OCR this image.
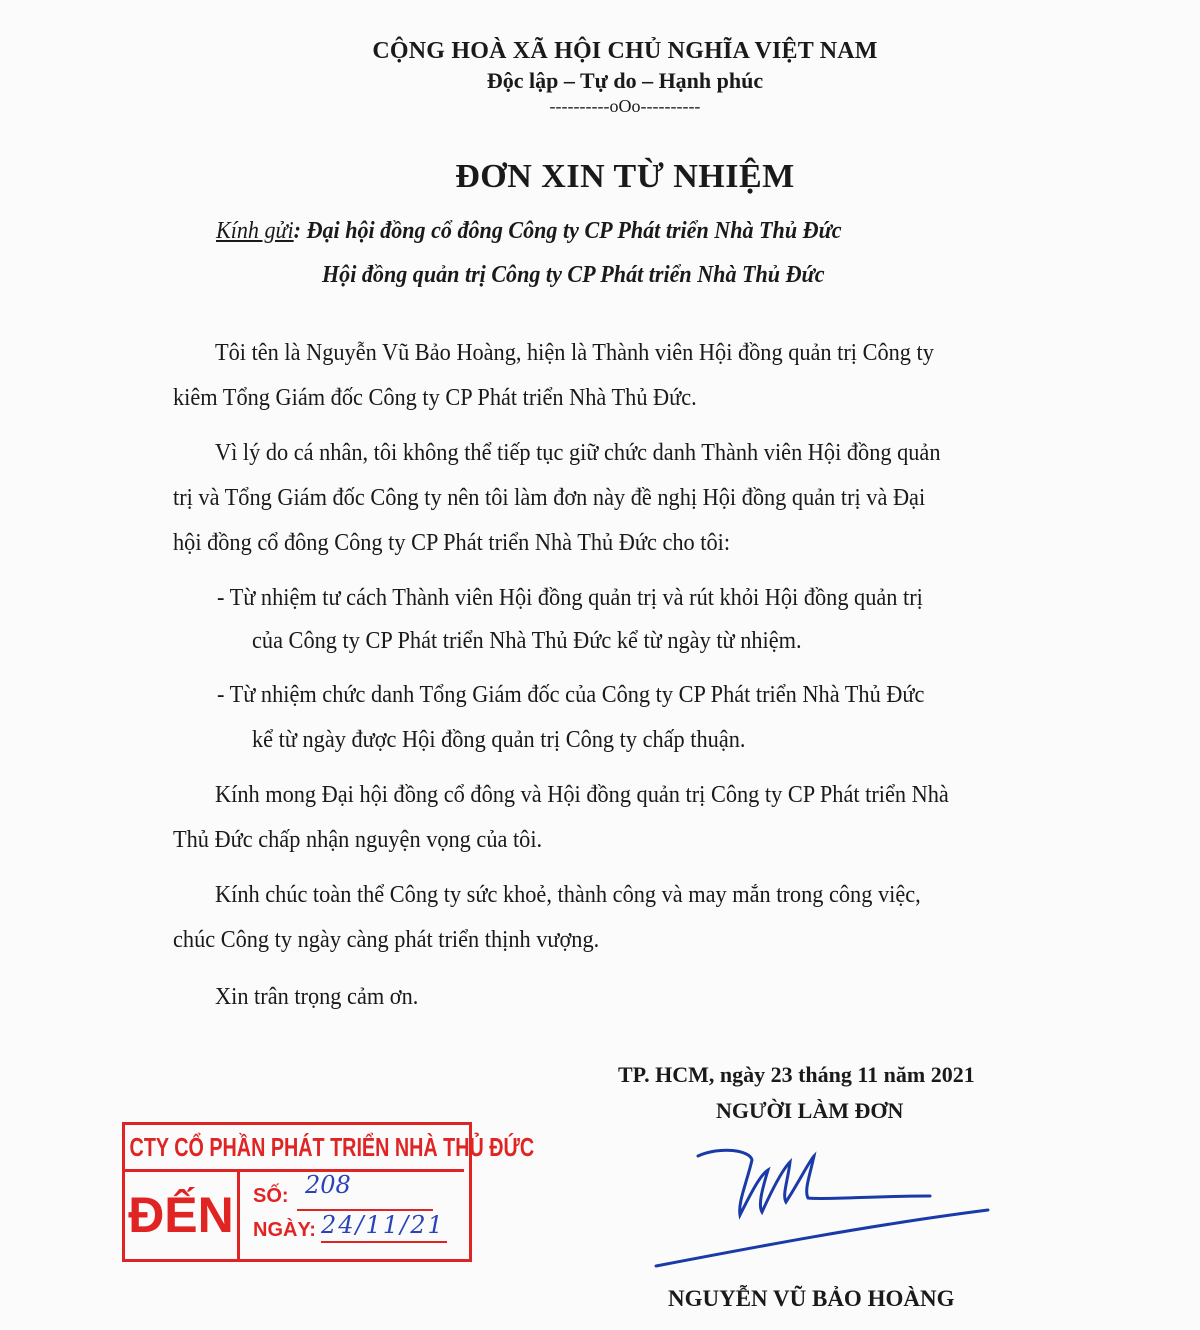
CỘNG HOÀ XÃ HỘI CHỦ NGHĨA VIỆT NAM
Độc lập – Tự do – Hạnh phúc
----------oOo----------
ĐƠN XIN TỪ NHIỆM
Kính gửi: Đại hội đồng cổ đông Công ty CP Phát triển Nhà Thủ Đức
Hội đồng quản trị Công ty CP Phát triển Nhà Thủ Đức
Tôi tên là Nguyễn Vũ Bảo Hoàng, hiện là Thành viên Hội đồng quản trị Công ty
kiêm Tổng Giám đốc Công ty CP Phát triển Nhà Thủ Đức.
Vì lý do cá nhân, tôi không thể tiếp tục giữ chức danh Thành viên Hội đồng quản
trị và Tổng Giám đốc Công ty nên tôi làm đơn này đề nghị Hội đồng quản trị và Đại
hội đồng cổ đông Công ty CP Phát triển Nhà Thủ Đức cho tôi:
- Từ nhiệm tư cách Thành viên Hội đồng quản trị và rút khỏi Hội đồng quản trị
của Công ty CP Phát triển Nhà Thủ Đức kể từ ngày từ nhiệm.
- Từ nhiệm chức danh Tổng Giám đốc của Công ty CP Phát triển Nhà Thủ Đức
kể từ ngày được Hội đồng quản trị Công ty chấp thuận.
Kính mong Đại hội đồng cổ đông và Hội đồng quản trị Công ty CP Phát triển Nhà
Thủ Đức chấp nhận nguyện vọng của tôi.
Kính chúc toàn thể Công ty sức khoẻ, thành công và may mắn trong công việc,
chúc Công ty ngày càng phát triển thịnh vượng.
Xin trân trọng cảm ơn.
TP. HCM, ngày 23 tháng 11 năm 2021
NGƯỜI LÀM ĐƠN
NGUYỄN VŨ BẢO HOÀNG
CTY CỔ PHẦN PHÁT TRIỂN NHÀ THỦ ĐỨC
ĐẾN SỐ: 208
NGÀY: 24/11/21
